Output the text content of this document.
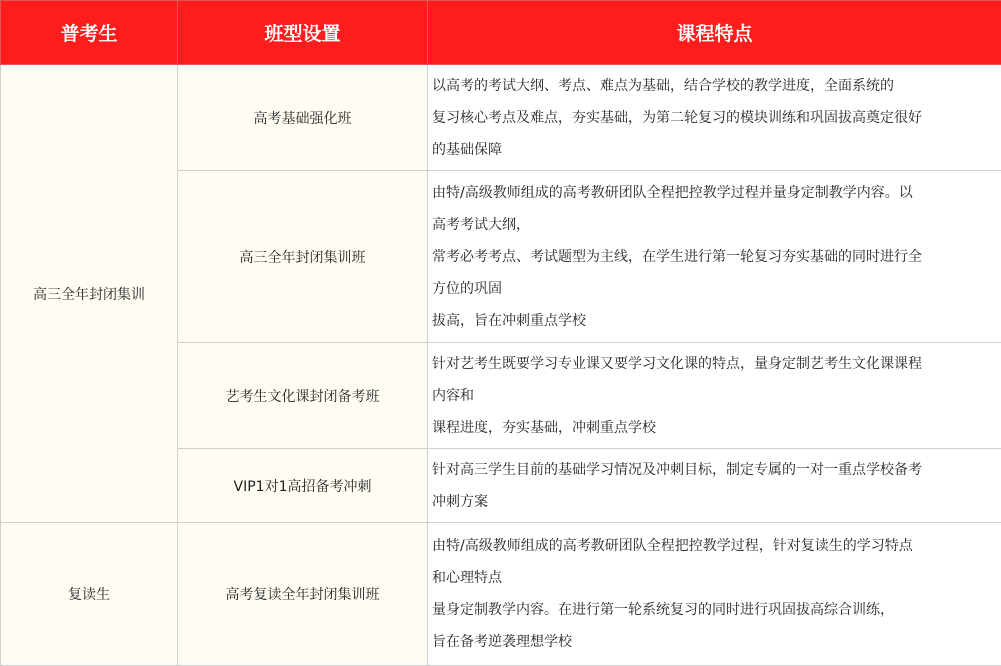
普考生	班型设置	课程特点
高三全年封闭集训	高考基础强化班	以高考的考试大纲、考点、难点为基础，结合学校的教学进度，全面系统的
复习核心考点及难点，夯实基础，为第二轮复习的模块训练和巩固拔高奠定很好
的基础保障

	高三全年封闭集训班	由特/高级教师组成的高考教研团队全程把控教学过程并量身定制教学内容。以
高考考试大纲，
常考必考考点、考试题型为主线，在学生进行第一轮复习夯实基础的同时进行全
方位的巩固
拔高，旨在冲刺重点学校

	艺考生文化课封闭备考班	针对艺考生既要学习专业课又要学习文化课的特点，量身定制艺考生文化课课程
内容和
课程进度，夯实基础，冲刺重点学校

	VIP1对1高招备考冲刺	针对高三学生目前的基础学习情况及冲刺目标，制定专属的一对一重点学校备考
冲刺方案

复读生	高考复读全年封闭集训班	由特/高级教师组成的高考教研团队全程把控教学过程，针对复读生的学习特点
和心理特点
量身定制教学内容。在进行第一轮系统复习的同时进行巩固拔高综合训练，
旨在备考逆袭理想学校
